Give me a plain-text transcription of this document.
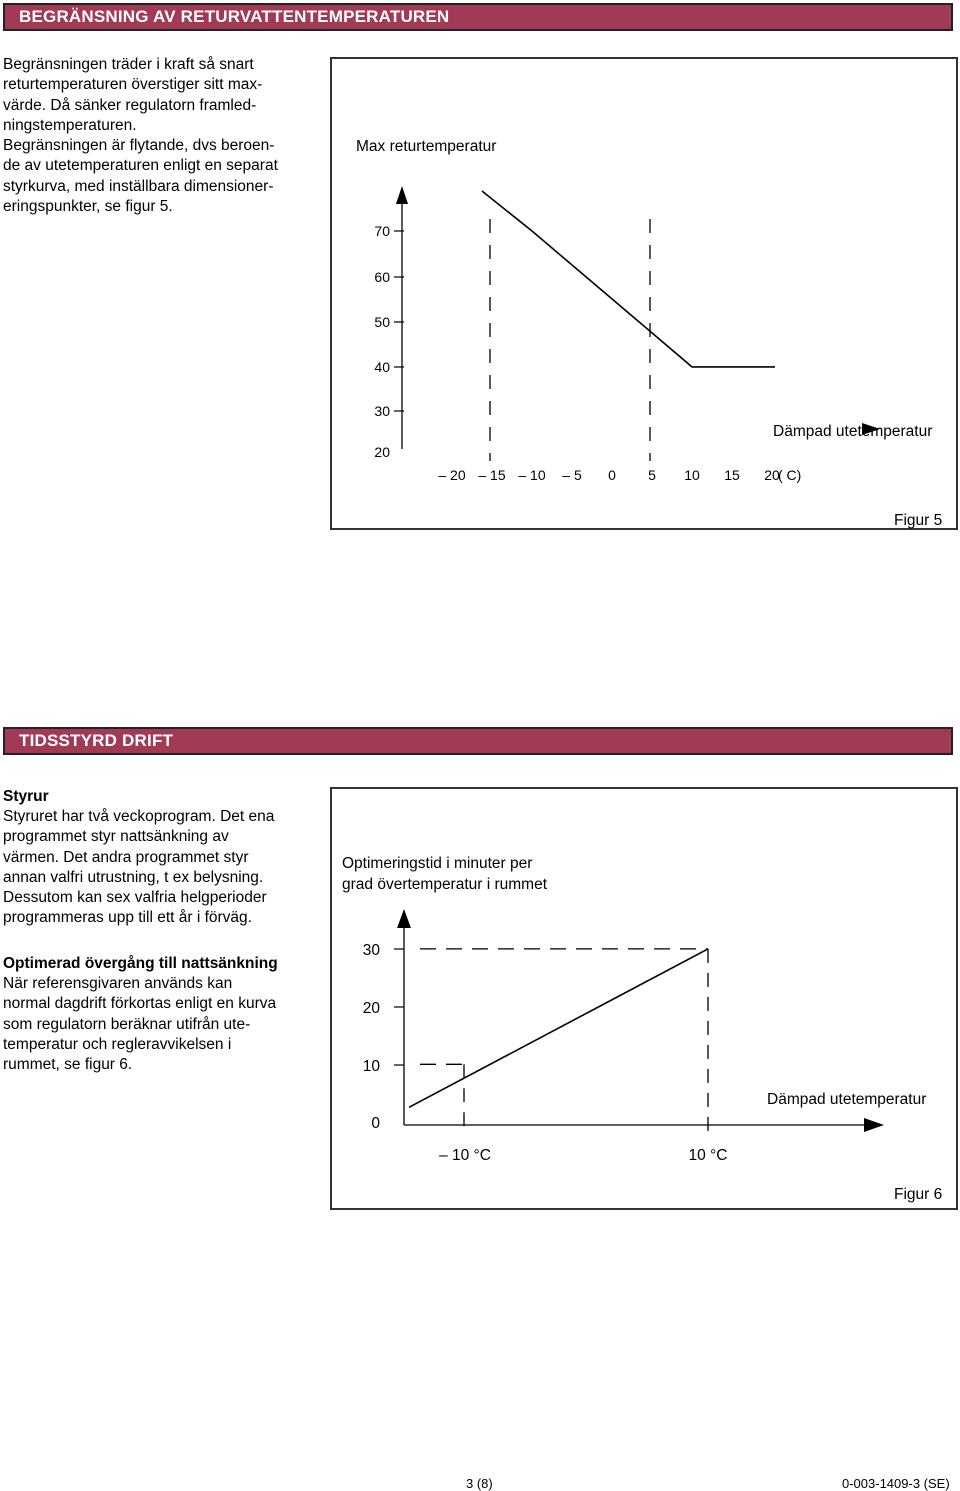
BEGRÄNSNING AV RETURVATTENTEMPERATUREN

Begränsningen träder i kraft så snart
returtemperaturen överstiger sitt max-
värde. Då sänker regulatorn framled-
ningstemperaturen.
Begränsningen är flytande, dvs beroen-
de av utetemperaturen enligt en separat
styrkurva, med inställbara dimensioner-
eringspunkter, se figur 5.

Max returtemperatur
70
60
50
40
30
20
– 20 – 15 – 10 – 5 0 5 10 15 20
Dämpad utetemperatur
( C)
Figur 5
TIDSSTYRD DRIFT
Styrur

Styruret har två veckoprogram. Det ena
programmet styr nattsänkning av
värmen. Det andra programmet styr
annan valfri utrustning, t ex belysning.
Dessutom kan sex valfria helgperioder
programmeras upp till ett år i förväg.

Optimerad övergång till nattsänkning

När referensgivaren används kan
normal dagdrift förkortas enligt en kurva
som regulatorn beräknar utifrån ute-
temperatur och regleravvikelsen i
rummet, se figur 6.

Optimeringstid i minuter per grad övertemperatur i rummet
30
20
10
0
– 10 °C	10 °C
Dämpad utetemperatur
Figur 6
3 (8)	0-003-1409-3 (SE)
